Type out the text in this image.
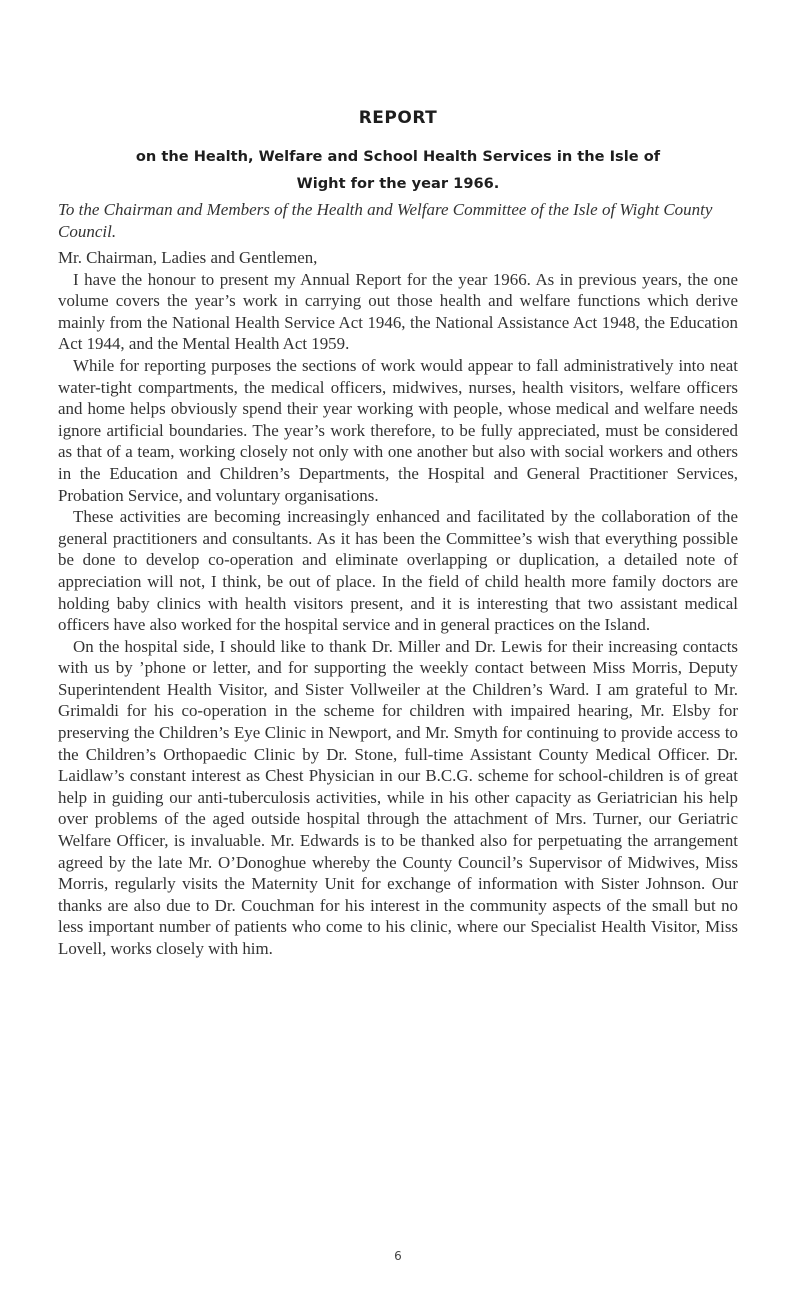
REPORT
on the Health, Welfare and School Health Services in the Isle of
Wight for the year 1966.
To the Chairman and Members of the Health and Welfare Committee of the Isle of Wight County Council.

Mr. Chairman, Ladies and Gentlemen,

I have the honour to present my Annual Report for the year 1966. As in previous years, the one volume covers the year’s work in carrying out those health and welfare functions which derive mainly from the National Health Service Act 1946, the National Assistance Act 1948, the Education Act 1944, and the Mental Health Act 1959.

While for reporting purposes the sections of work would appear to fall administratively into neat water-tight compartments, the medical officers, midwives, nurses, health visitors, welfare officers and home helps obviously spend their year working with people, whose medical and welfare needs ignore artificial boundaries. The year’s work therefore, to be fully appreciated, must be considered as that of a team, working closely not only with one another but also with social workers and others in the Education and Children’s Departments, the Hospital and General Practitioner Services, Probation Service, and voluntary organisations.

These activities are becoming increasingly enhanced and facilitated by the collaboration of the general practitioners and consultants. As it has been the Committee’s wish that everything possible be done to develop co-operation and eliminate overlapping or duplication, a detailed note of appreciation will not, I think, be out of place. In the field of child health more family doctors are holding baby clinics with health visitors present, and it is interesting that two assistant medical officers have also worked for the hospital service and in general practices on the Island.

On the hospital side, I should like to thank Dr. Miller and Dr. Lewis for their increasing contacts with us by ’phone or letter, and for supporting the weekly contact between Miss Morris, Deputy Superintendent Health Visitor, and Sister Vollweiler at the Children’s Ward. I am grateful to Mr. Grimaldi for his co-operation in the scheme for children with impaired hearing, Mr. Elsby for preserving the Children’s Eye Clinic in Newport, and Mr. Smyth for continuing to provide access to the Children’s Orthopaedic Clinic by Dr. Stone, full-time Assistant County Medical Officer. Dr. Laidlaw’s constant interest as Chest Physician in our B.C.G. scheme for school-children is of great help in guiding our anti-tuberculosis activities, while in his other capacity as Geriatrician his help over problems of the aged outside hospital through the attachment of Mrs. Turner, our Geriatric Welfare Officer, is invaluable. Mr. Edwards is to be thanked also for perpetuating the arrangement agreed by the late Mr. O’Donoghue whereby the County Council’s Supervisor of Midwives, Miss Morris, regularly visits the Maternity Unit for exchange of information with Sister Johnson. Our thanks are also due to Dr. Couchman for his interest in the community aspects of the small but no less important number of patients who come to his clinic, where our Specialist Health Visitor, Miss Lovell, works closely with him.

6
